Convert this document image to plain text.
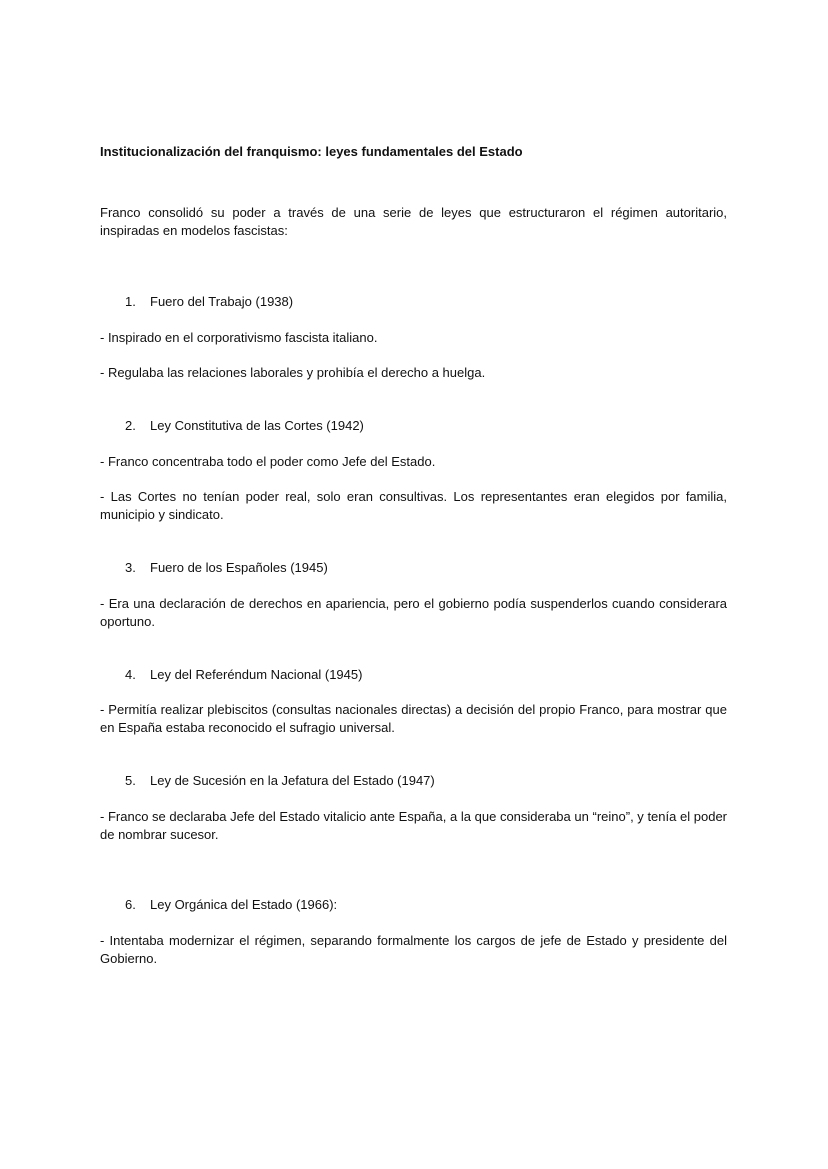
Institucionalización del franquismo: leyes fundamentales del Estado

Franco consolidó su poder a través de una serie de leyes que estructuraron el régimen autoritario, inspiradas en modelos fascistas:

1. Fuero del Trabajo (1938)

- Inspirado en el corporativismo fascista italiano.

- Regulaba las relaciones laborales y prohibía el derecho a huelga.

2. Ley Constitutiva de las Cortes (1942)

- Franco concentraba todo el poder como Jefe del Estado.

- Las Cortes no tenían poder real, solo eran consultivas. Los representantes eran elegidos por familia, municipio y sindicato.

3. Fuero de los Españoles (1945)

- Era una declaración de derechos en apariencia, pero el gobierno podía suspenderlos cuando considerara oportuno.

4. Ley del Referéndum Nacional (1945)

- Permitía realizar plebiscitos (consultas nacionales directas) a decisión del propio Franco, para mostrar que en España estaba reconocido el sufragio universal.

5. Ley de Sucesión en la Jefatura del Estado (1947)

- Franco se declaraba Jefe del Estado vitalicio ante España, a la que consideraba un “reino”, y tenía el poder de nombrar sucesor.

6. Ley Orgánica del Estado (1966):

- Intentaba modernizar el régimen, separando formalmente los cargos de jefe de Estado y presidente del Gobierno.
